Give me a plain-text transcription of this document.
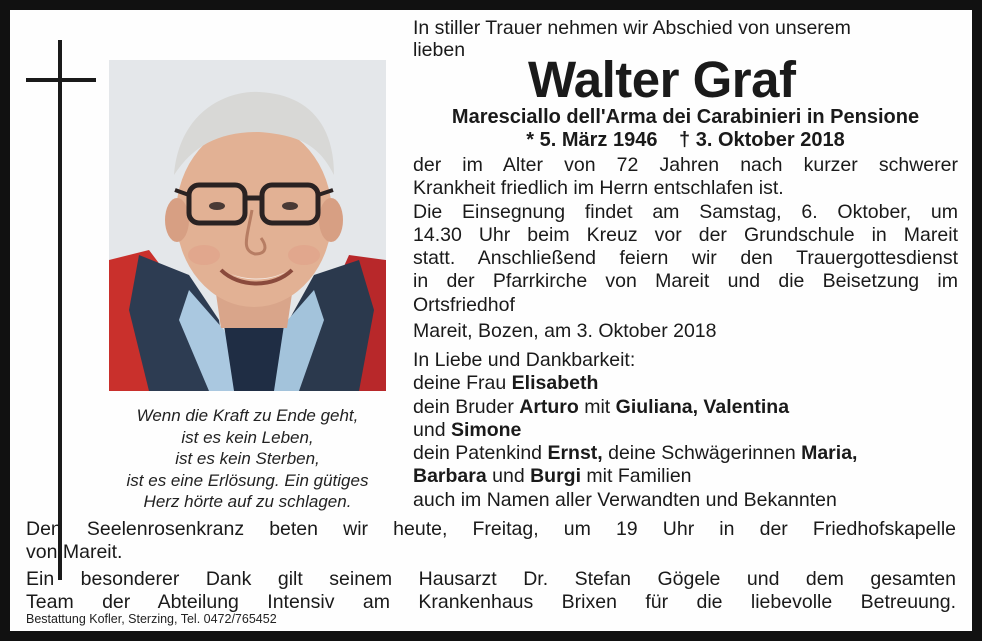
Wenn die Kraft zu Ende geht,
ist es kein Leben,
ist es kein Sterben,
ist es eine Erlösung. Ein gütiges
Herz hörte auf zu schlagen.
In stiller Trauer nehmen wir Abschied von unserem
lieben
Walter Graf
Maresciallo dell'Arma dei Carabinieri in Pensione
* 5. März 1946 † 3. Oktober 2018
der im Alter von 72 Jahren nach kurzer schwerer
Krankheit friedlich im Herrn entschlafen ist.
Die Einsegnung findet am Samstag, 6. Oktober, um
14.30 Uhr beim Kreuz vor der Grundschule in Mareit
statt. Anschließend feiern wir den Trauergottesdienst
in der Pfarrkirche von Mareit und die Beisetzung im
Ortsfriedhof
Mareit, Bozen, am 3. Oktober 2018
In Liebe und Dankbarkeit:
deine Frau Elisabeth
dein Bruder Arturo mit Giuliana, Valentina
und Simone
dein Patenkind Ernst, deine Schwägerinnen Maria,
Barbara und Burgi mit Familien
auch im Namen aller Verwandten und Bekannten
Den Seelenrosenkranz beten wir heute, Freitag, um 19 Uhr in der Friedhofskapelle
von Mareit.
Ein besonderer Dank gilt seinem Hausarzt Dr. Stefan Gögele und dem gesamten
Team der Abteilung Intensiv am Krankenhaus Brixen für die liebevolle Betreuung.
Bestattung Kofler, Sterzing, Tel. 0472/765452
